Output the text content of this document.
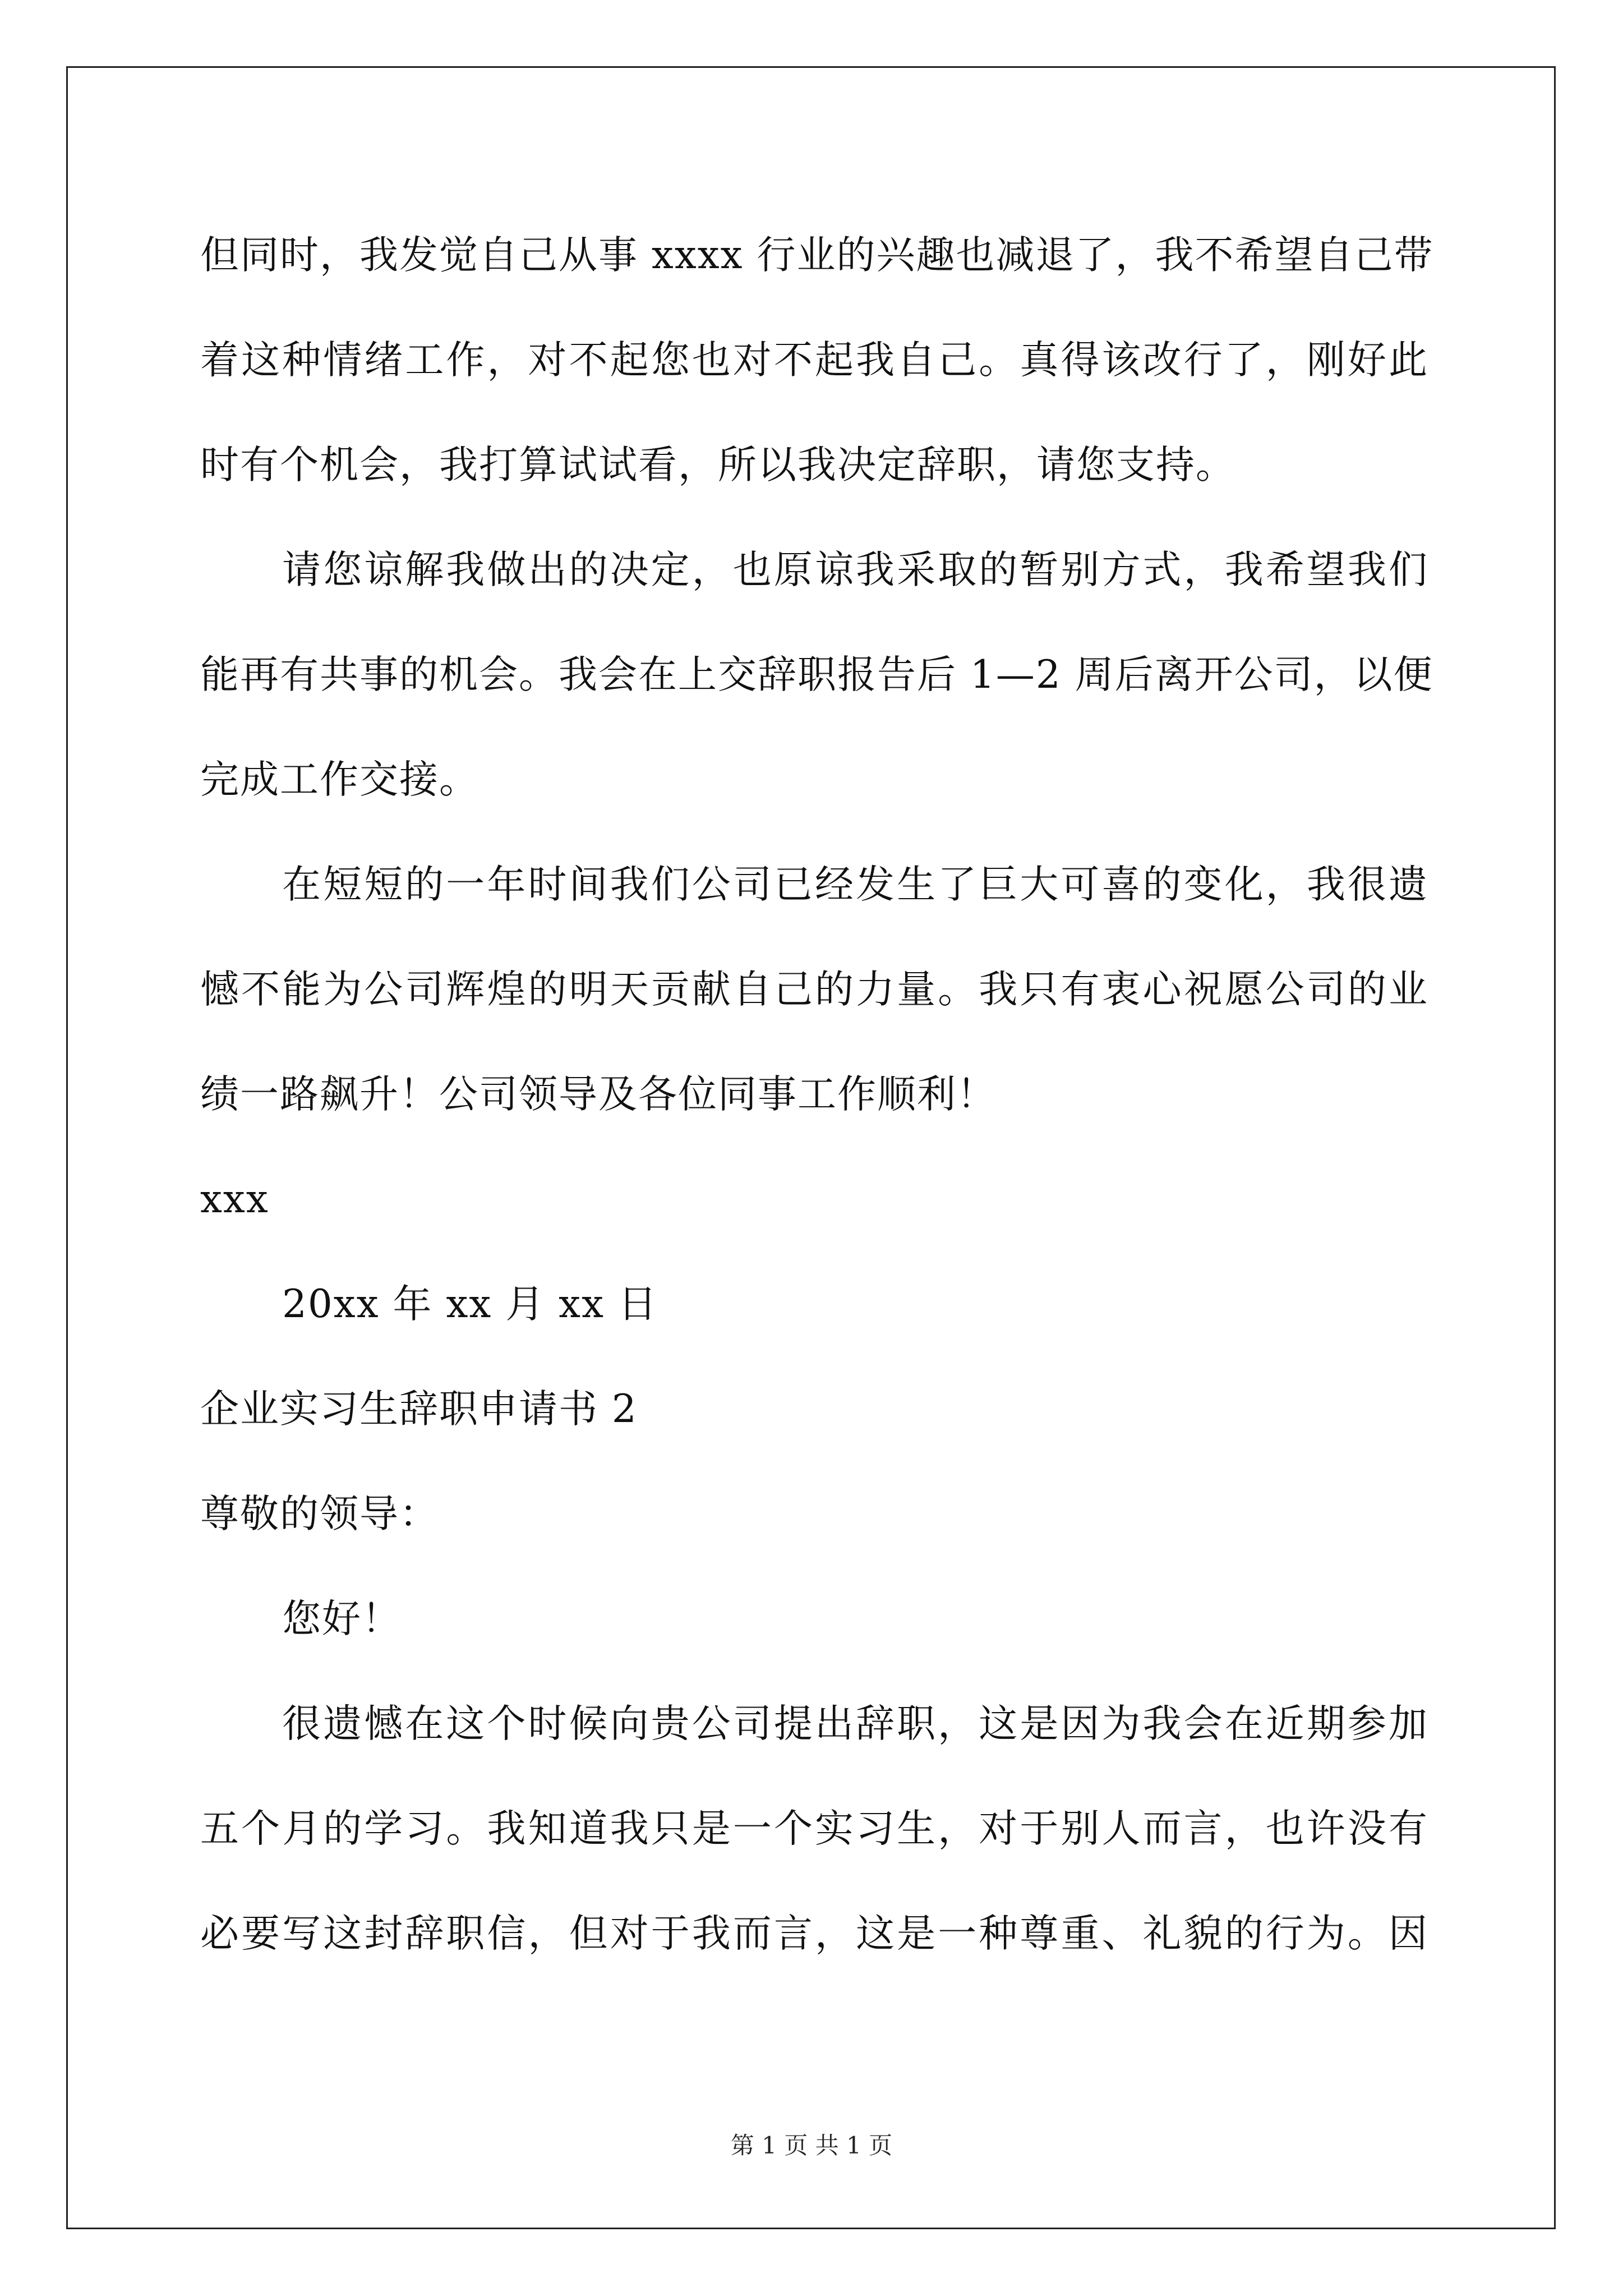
但同时，我发觉自己从事 xxxx 行业的兴趣也减退了，我不希望自己带
着这种情绪工作，对不起您也对不起我自己。真得该改行了，刚好此
时有个机会，我打算试试看，所以我决定辞职，请您支持。
请您谅解我做出的决定，也原谅我采取的暂别方式，我希望我们
能再有共事的机会。我会在上交辞职报告后 1—2 周后离开公司，以便
完成工作交接。
在短短的一年时间我们公司已经发生了巨大可喜的变化，我很遗
憾不能为公司辉煌的明天贡献自己的力量。我只有衷心祝愿公司的业
绩一路飙升！公司领导及各位同事工作顺利！
xxx
20xx 年 xx 月 xx 日
企业实习生辞职申请书 2
尊敬的领导：
您好！
很遗憾在这个时候向贵公司提出辞职，这是因为我会在近期参加
五个月的学习。我知道我只是一个实习生，对于别人而言，也许没有
必要写这封辞职信，但对于我而言，这是一种尊重、礼貌的行为。因
第 1 页 共 1 页
